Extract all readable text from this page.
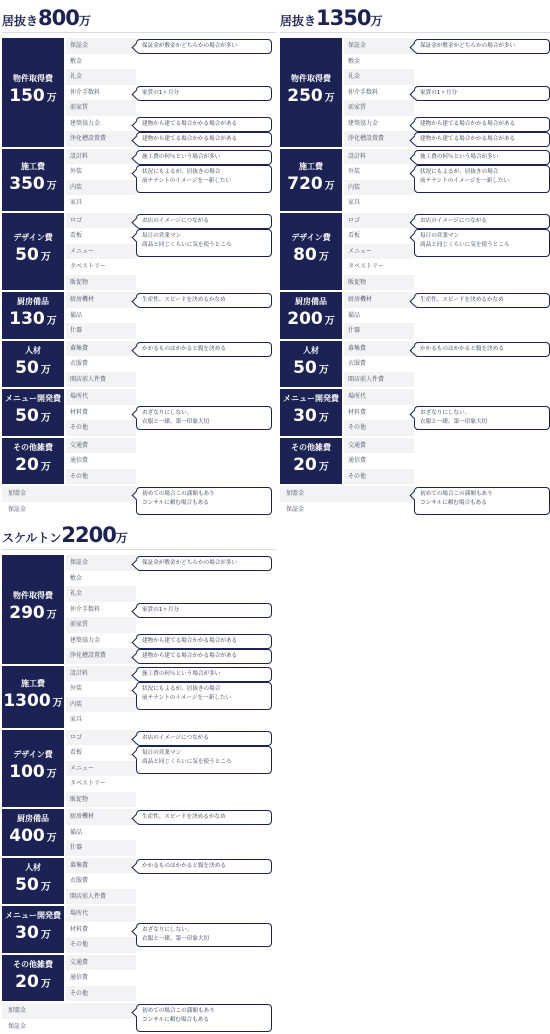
居抜き800万
物件取得費
150 万
保証金
敷金
礼金
仲介手数料
前家賃
建築協力金
浄化槽設置費
施工費
350 万
設計料
外装
内装
家具
デザイン費
50 万
ロゴ
看板
メニュー
タペストリー
販促物
厨房備品
130 万
厨房機材
備品
什器
人材
50 万
募集費
衣服費
開店前人件費
メニュー開発費
50 万
場所代
材料費
その他
その他雑費
20 万
交通費
通信費
その他
加盟金
保証金
保証金が敷金かどちらかの場合が多い
家賃の1ヶ月分
建物から建てる場合かかる場合がある
建物から建てる場合かかる場合がある
施工費の何％という場合が多い
状況にもよるが、居抜きの場合
前テナントのイメージを一新したい
お店のイメージにつながる
毎日の営業マン
商品と同じくらいに気を使うところ
生産性、スピードを決めるかなめ
かかるものはかかると腹を決める
おざなりにしない。
衣服と一緒、第一印象大切
初めての場合この満額もあり
コンサルに頼む場合もある
居抜き1350万
物件取得費
250 万
保証金
敷金
礼金
仲介手数料
前家賃
建築協力金
浄化槽設置費
施工費
720 万
設計料
外装
内装
家具
デザイン費
80 万
ロゴ
看板
メニュー
タペストリー
販促物
厨房備品
200 万
厨房機材
備品
什器
人材
50 万
募集費
衣服費
開店前人件費
メニュー開発費
30 万
場所代
材料費
その他
その他雑費
20 万
交通費
通信費
その他
加盟金
保証金
保証金が敷金かどちらかの場合が多い
家賃の1ヶ月分
建物から建てる場合かかる場合がある
建物から建てる場合かかる場合がある
施工費の何％という場合が多い
状況にもよるが、居抜きの場合
前テナントのイメージを一新したい
お店のイメージにつながる
毎日の営業マン
商品と同じくらいに気を使うところ
生産性、スピードを決めるかなめ
かかるものはかかると腹を決める
おざなりにしない。
衣服と一緒、第一印象大切
初めての場合この満額もあり
コンサルに頼む場合もある
スケルトン2200万
物件取得費
290 万
保証金
敷金
礼金
仲介手数料
前家賃
建築協力金
浄化槽設置費
施工費
1300 万
設計料
外装
内装
家具
デザイン費
100 万
ロゴ
看板
メニュー
タペストリー
販促物
厨房備品
400 万
厨房機材
備品
什器
人材
50 万
募集費
衣服費
開店前人件費
メニュー開発費
30 万
場所代
材料費
その他
その他雑費
20 万
交通費
通信費
その他
加盟金
保証金
保証金が敷金かどちらかの場合が多い
家賃の1ヶ月分
建物から建てる場合かかる場合がある
建物から建てる場合かかる場合がある
施工費の何％という場合が多い
状況にもよるが、居抜きの場合
前テナントのイメージを一新したい
お店のイメージにつながる
毎日の営業マン
商品と同じくらいに気を使うところ
生産性、スピードを決めるかなめ
かかるものはかかると腹を決める
おざなりにしない。
衣服と一緒、第一印象大切
初めての場合この満額もあり
コンサルに頼む場合もある
